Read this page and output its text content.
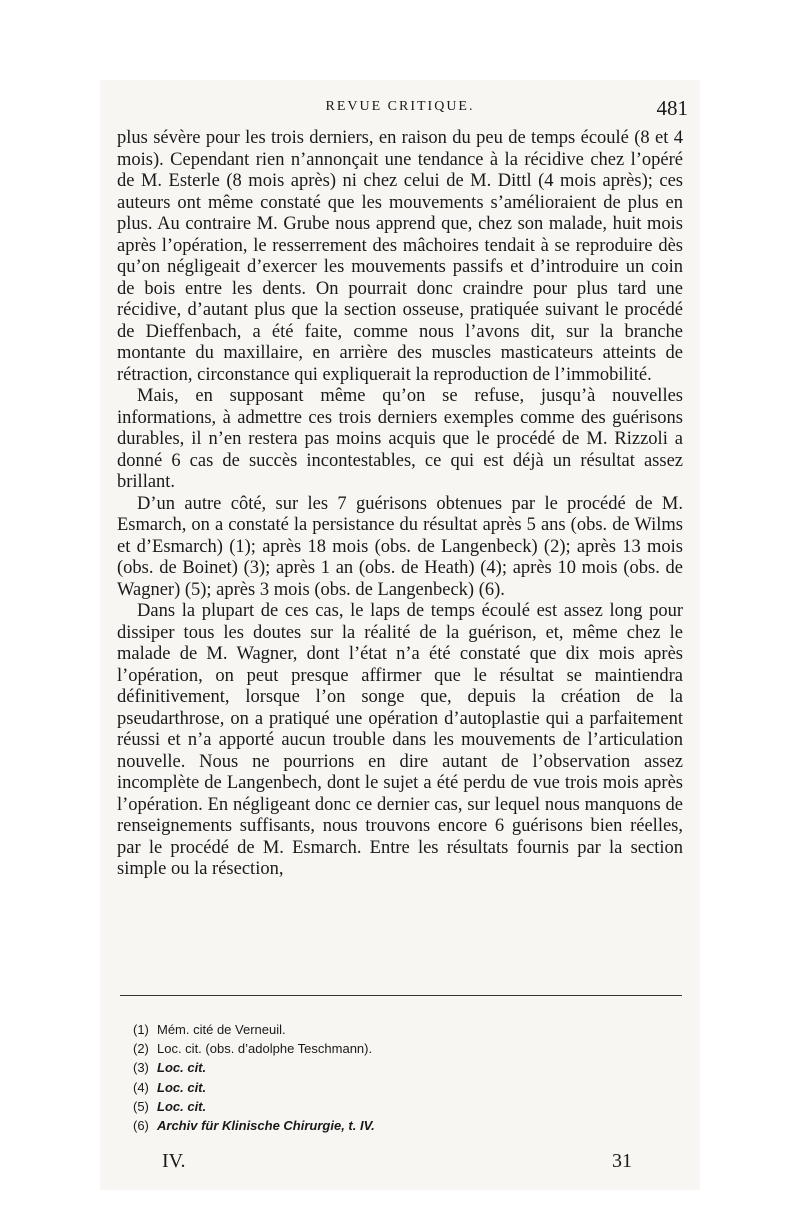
REVUE CRITIQUE.	481

plus sévère pour les trois derniers, en raison du peu de temps écoulé (8 et 4 mois). Cependant rien n’annonçait une tendance à la récidive chez l’opéré de M. Esterle (8 mois après) ni chez celui de M. Dittl (4 mois après); ces auteurs ont même constaté que les mouvements s’amélioraient de plus en plus. Au contraire M. Grube nous apprend que, chez son malade, huit mois après l’opération, le resserrement des mâchoires tendait à se reproduire dès qu’on négligeait d’exercer les mouvements passifs et d’introduire un coin de bois entre les dents. On pourrait donc craindre pour plus tard une récidive, d’autant plus que la section osseuse, pratiquée suivant le procédé de Dieffenbach, a été faite, comme nous l’avons dit, sur la branche montante du maxillaire, en arrière des muscles masticateurs atteints de rétraction, circonstance qui expliquerait la reproduction de l’immobilité.

Mais, en supposant même qu’on se refuse, jusqu’à nouvelles informations, à admettre ces trois derniers exemples comme des guérisons durables, il n’en restera pas moins acquis que le procédé de M. Rizzoli a donné 6 cas de succès incontestables, ce qui est déjà un résultat assez brillant.

D’un autre côté, sur les 7 guérisons obtenues par le procédé de M. Esmarch, on a constaté la persistance du résultat après 5 ans (obs. de Wilms et d’Esmarch) (1); après 18 mois (obs. de Langenbeck) (2); après 13 mois (obs. de Boinet) (3); après 1 an (obs. de Heath) (4); après 10 mois (obs. de Wagner) (5); après 3 mois (obs. de Langenbeck) (6).

Dans la plupart de ces cas, le laps de temps écoulé est assez long pour dissiper tous les doutes sur la réalité de la guérison, et, même chez le malade de M. Wagner, dont l’état n’a été constaté que dix mois après l’opération, on peut presque affirmer que le résultat se maintiendra définitivement, lorsque l’on songe que, depuis la création de la pseudarthrose, on a pratiqué une opération d’autoplastie qui a parfaitement réussi et n’a apporté aucun trouble dans les mouvements de l’articulation nouvelle. Nous ne pourrions en dire autant de l’observation assez incomplète de Langenbech, dont le sujet a été perdu de vue trois mois après l’opération. En négligeant donc ce dernier cas, sur lequel nous manquons de renseignements suffisants, nous trouvons encore 6 guérisons bien réelles, par le procédé de M. Esmarch. Entre les résultats fournis par la section simple ou la résection,

(1) Mém. cité de Verneuil.
(2) Loc. cit. (obs. d’adolphe Teschmann).
(3) Loc. cit.
(4) Loc. cit.
(5) Loc. cit.
(6) Archiv für Klinische Chirurgie, t. IV.
IV.	31
